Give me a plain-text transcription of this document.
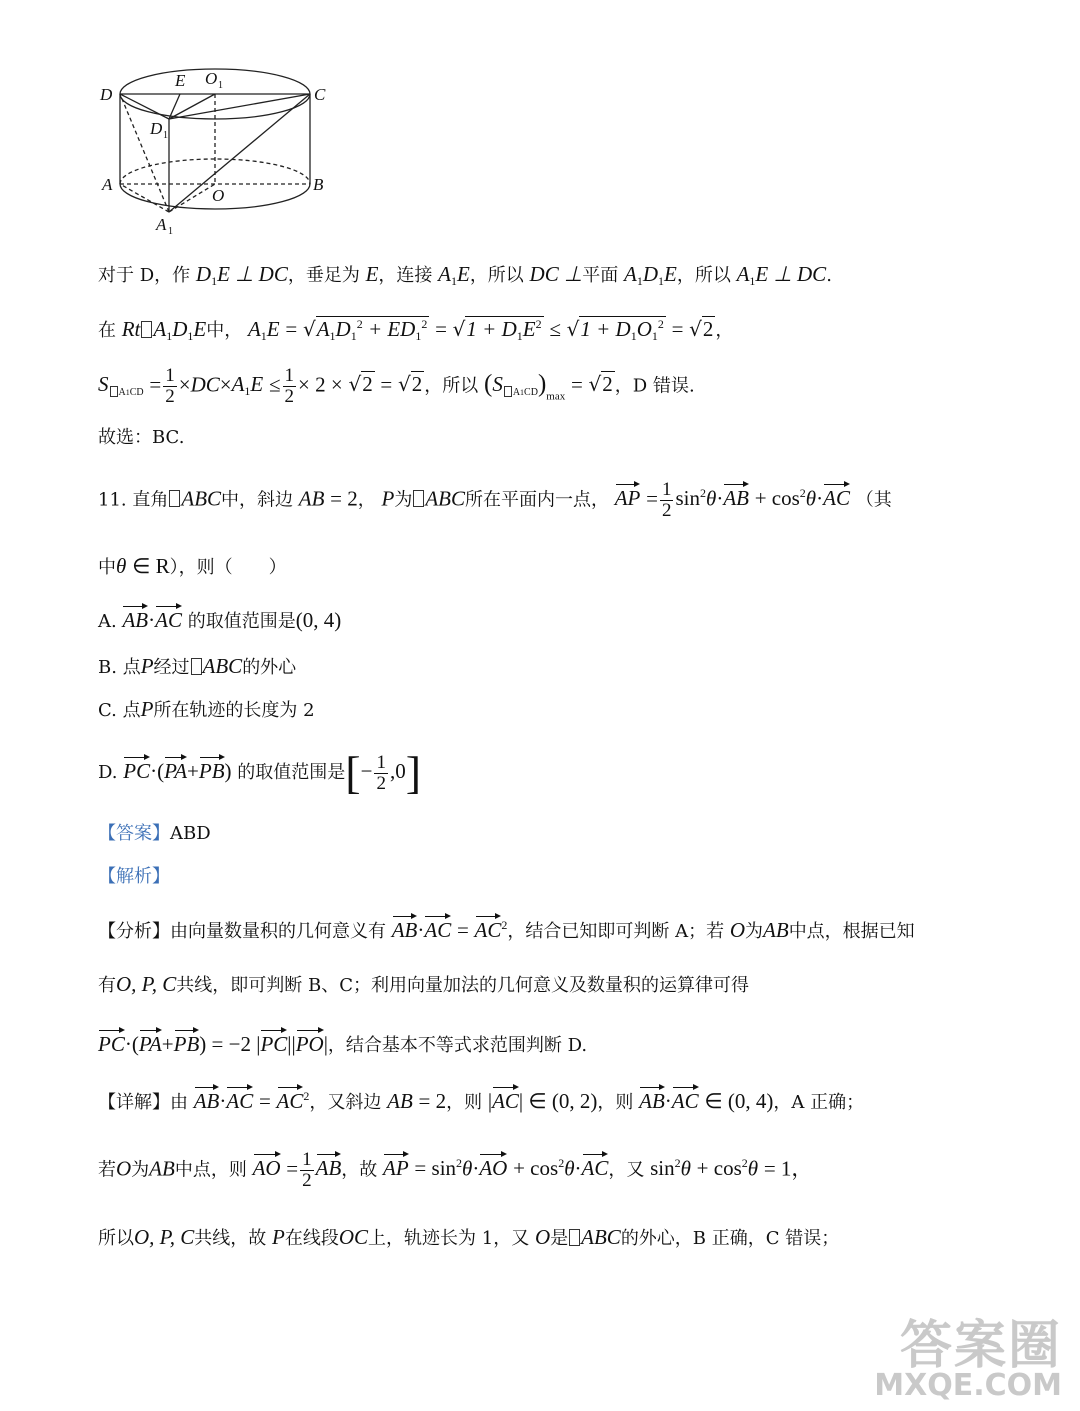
D
E O 1	C
D 1
A
O
B
A 1
对于 D，作 $D_1E$ ⊥ DC，垂足为 E，连接 $A_1E$，所以 DC ⊥平面 $A_1D_1E$，所以 $A_1E$ ⊥ DC.
在 Rt $A_1D_1E$中， $A_1E = √A_1D_1^2 + ED_1^2 = √1 + D_1E^2 \le √1 + D_1O_1^2 = √2$ ，
S $_{A1CD} = \frac{1}{2} \times DC\times A_1E \le \frac{1}{2} \times 2 \times √2 = √2$ ，所以 (S $_{A1CD})_{max} = √2$ ，D 错误.
故选：BC.
11. 直角 ABC中，斜边 AB = 2， P为 ABC所在平面内一点， AP = $\frac{1}{2} \sin^2\theta\cdot AB + \cos^2\theta\cdot AC$ （其
中θ ∈ R），则（　　）
A. AB·AC 的取值范围是(0, 4)
B. 点P经过 ABC的外心
C. 点P所在轨迹的长度为 2
D. PC·(PA+PB) 的取值范围是[− $\frac{1}{2} ,0$]
【答案】ABD
【解析】
【分析】由向量数量积的几何意义有 $AB\cdot AC = AC^2$，结合已知即可判断 A；若 O为AB中点，根据已知
有O, P, C共线，即可判断 B、C；利用向量加法的几何意义及数量积的运算律可得
PC·(PA+PB) = −2 |PC||PO|，结合基本不等式求范围判断 D.
【详解】由 $AB\cdot AC = AC^2$，又斜边 AB = 2，则 |AC| ∈ (0, 2)，则 AB·AC ∈ (0, 4)，A 正确；
若O为AB中点，则 AO = $\frac{1}{2}$ AB，故 AP = $\sin^2\theta\cdot AO + \cos^2\theta\cdot AC$，又 $\sin^2\theta + \cos^2\theta = 1$，
所以O, P, C共线，故 P在线段OC上，轨迹长为 1，又 O是 ABC的外心，B 正确，C 错误；
答案圈
MXQE.COM
